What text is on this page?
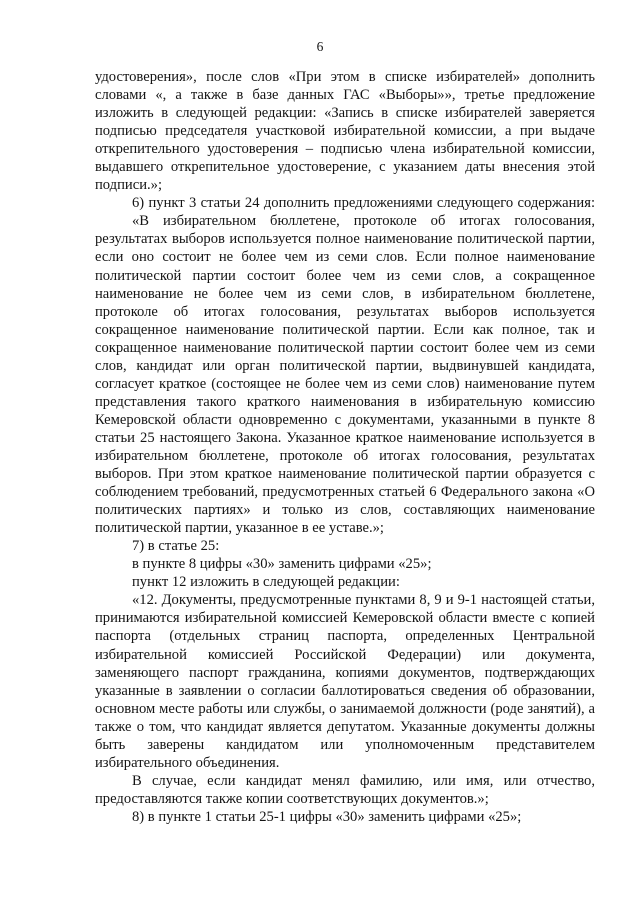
6

удостоверения», после слов «При этом в списке избирателей» дополнить словами «, а также в базе данных ГАС «Выборы»», третье предложение изложить в следующей редакции: «Запись в списке избирателей заверяется подписью председателя участковой избирательной комиссии, а при выдаче открепительного удостоверения – подписью члена избирательной комиссии, выдавшего открепительное удостоверение, с указанием даты внесения этой подписи.»;

6) пункт 3 статьи 24 дополнить предложениями следующего содержания:

«В избирательном бюллетене, протоколе об итогах голосования, результатах выборов используется полное наименование политической партии, если оно состоит не более чем из семи слов. Если полное наименование политической партии состоит более чем из семи слов, а сокращенное наименование не более чем из семи слов, в избирательном бюллетене, протоколе об итогах голосования, результатах выборов используется сокращенное наименование политической партии. Если как полное, так и сокращенное наименование политической партии состоит более чем из семи слов, кандидат или орган политической партии, выдвинувшей кандидата, согласует краткое (состоящее не более чем из семи слов) наименование путем представления такого краткого наименования в избирательную комиссию Кемеровской области одновременно с документами, указанными в пункте 8 статьи 25 настоящего Закона. Указанное краткое наименование используется в избирательном бюллетене, протоколе об итогах голосования, результатах выборов. При этом краткое наименование политической партии образуется с соблюдением требований, предусмотренных статьей 6 Федерального закона «О политических партиях» и только из слов, составляющих наименование политической партии, указанное в ее уставе.»;

7) в статье 25:

в пункте 8 цифры «30» заменить цифрами «25»;

пункт 12 изложить в следующей редакции:

«12. Документы, предусмотренные пунктами 8, 9 и 9-1 настоящей статьи, принимаются избирательной комиссией Кемеровской области вместе с копией паспорта (отдельных страниц паспорта, определенных Центральной избирательной комиссией Российской Федерации) или документа, заменяющего паспорт гражданина, копиями документов, подтверждающих указанные в заявлении о согласии баллотироваться сведения об образовании, основном месте работы или службы, о занимаемой должности (роде занятий), а также о том, что кандидат является депутатом. Указанные документы должны быть заверены кандидатом или уполномоченным представителем избирательного объединения.

В случае, если кандидат менял фамилию, или имя, или отчество, предоставляются также копии соответствующих документов.»;

8) в пункте 1 статьи 25-1 цифры «30» заменить цифрами «25»;
